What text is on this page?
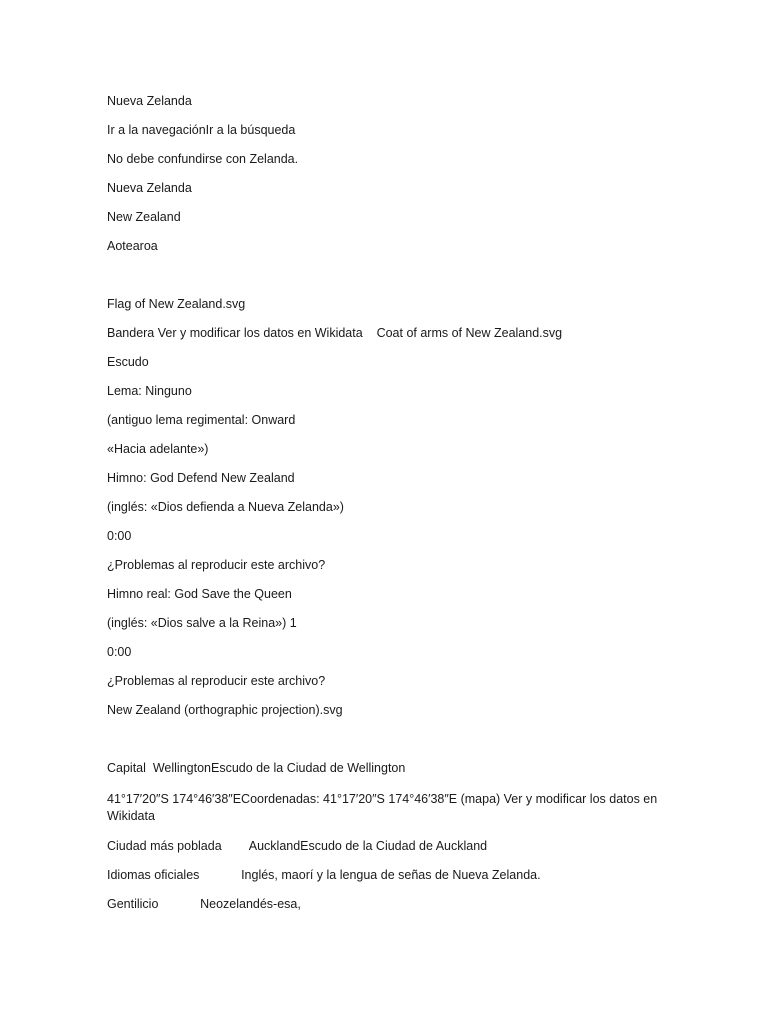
Nueva Zelanda
Ir a la navegaciónIr a la búsqueda
No debe confundirse con Zelanda.
Nueva Zelanda
New Zealand
Aotearoa
Flag of New Zealand.svg
Bandera Ver y modificar los datos en Wikidata    Coat of arms of New Zealand.svg
Escudo
Lema: Ninguno
(antiguo lema regimental: Onward
«Hacia adelante»)
Himno: God Defend New Zealand
(inglés: «Dios defienda a Nueva Zelanda»)
0:00
¿Problemas al reproducir este archivo?
Himno real: God Save the Queen
(inglés: «Dios salve a la Reina») 1
0:00
¿Problemas al reproducir este archivo?
New Zealand (orthographic projection).svg
Capital  WellingtonEscudo de la Ciudad de Wellington
41°17′20″S 174°46′38″ECoordenadas: 41°17′20″S 174°46′38″E (mapa) Ver y modificar los datos en Wikidata
Ciudad más poblada        AucklandEscudo de la Ciudad de Auckland
Idiomas oficiales            Inglés, maorí y la lengua de señas de Nueva Zelanda.
Gentilicio            Neozelandés-esa,
